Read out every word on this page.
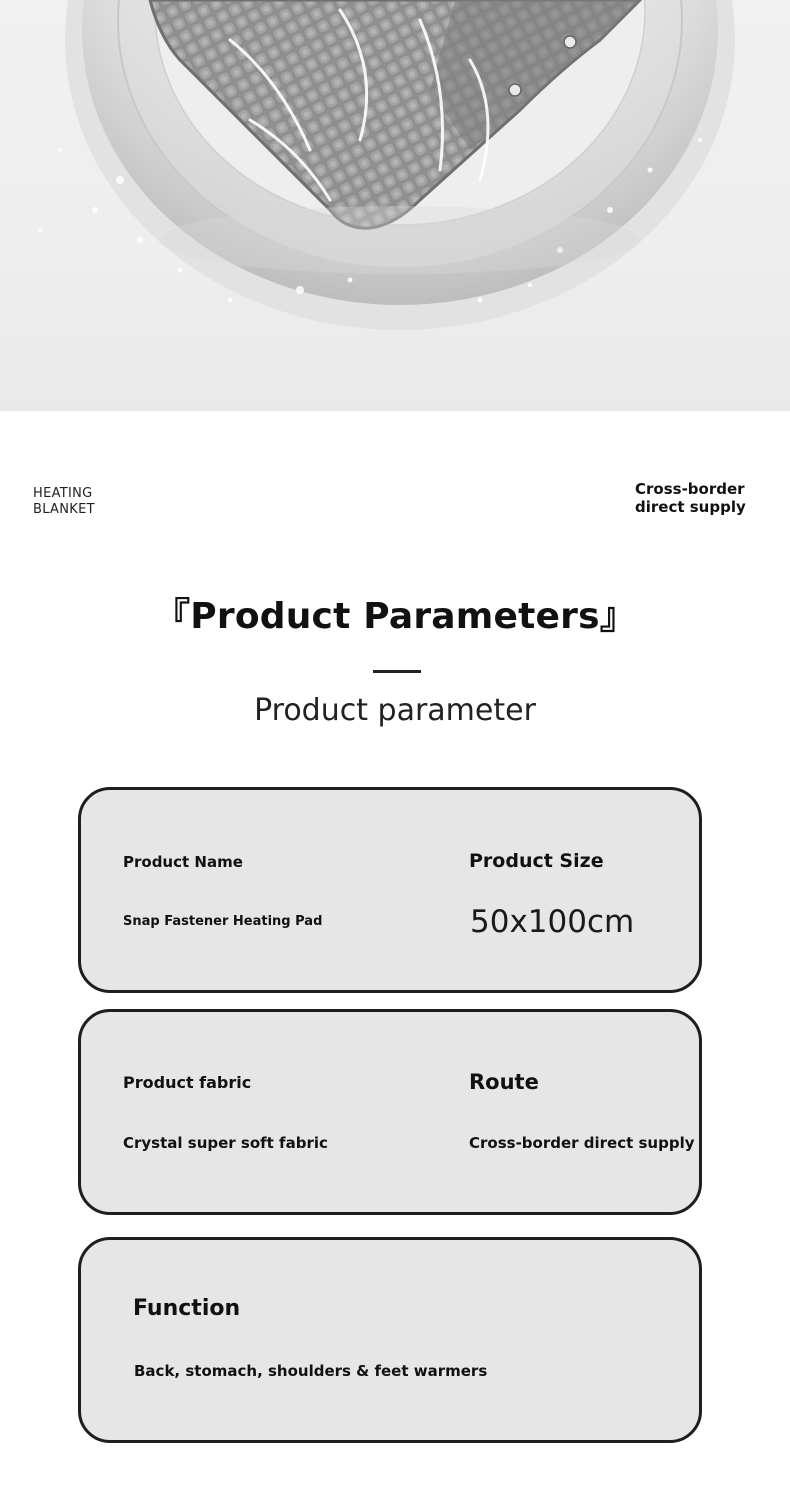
HEATING
BLANKET
Cross-border
direct supply
『Product Parameters』
Product parameter
Product Name
Snap Fastener Heating Pad
Product Size
50x100cm
Product fabric
Crystal super soft fabric
Route
Cross-border direct supply
Function
Back, stomach, shoulders & feet warmers
